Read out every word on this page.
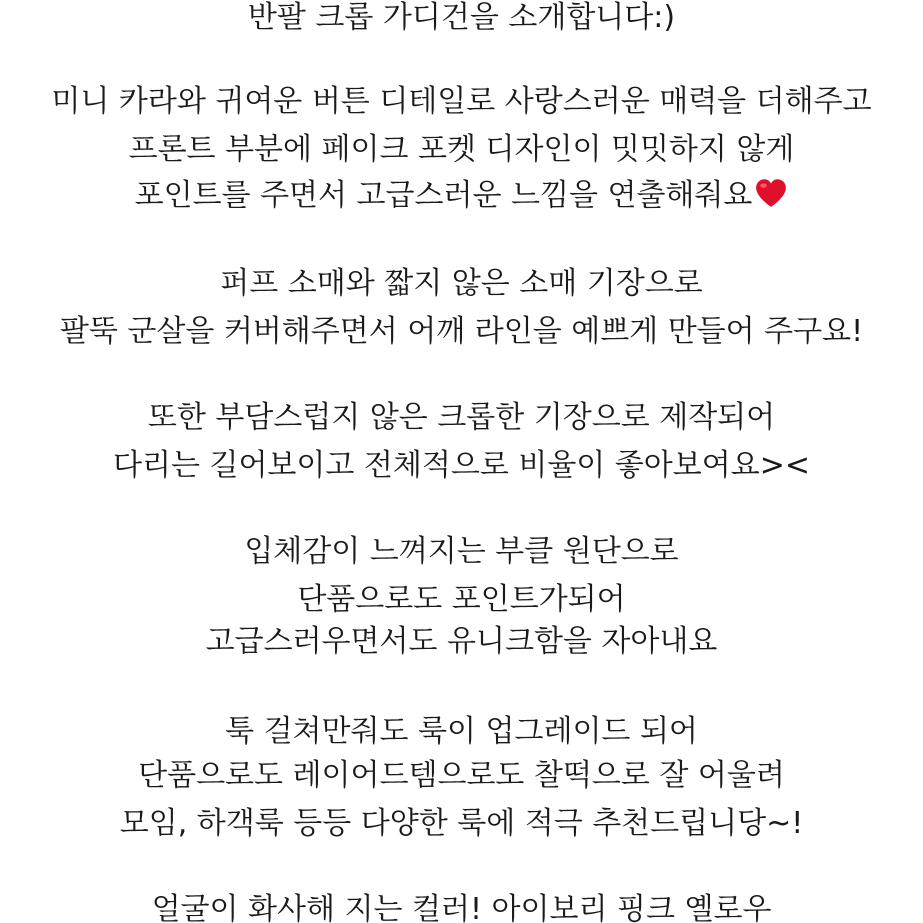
반팔 크롭 가디건을 소개합니다:)
미니 카라와 귀여운 버튼 디테일로 사랑스러운 매력을 더해주고
프론트 부분에 페이크 포켓 디자인이 밋밋하지 않게
포인트를 주면서 고급스러운 느낌을 연출해줘요
퍼프 소매와 짧지 않은 소매 기장으로
팔뚝 군살을 커버해주면서 어깨 라인을 예쁘게 만들어 주구요!
또한 부담스럽지 않은 크롭한 기장으로 제작되어
다리는 길어보이고 전체적으로 비율이 좋아보여요><
입체감이 느껴지는 부클 원단으로
단품으로도 포인트가되어
고급스러우면서도 유니크함을 자아내요
툭 걸쳐만줘도 룩이 업그레이드 되어
단품으로도 레이어드템으로도 찰떡으로 잘 어울려
모임, 하객룩 등등 다양한 룩에 적극 추천드립니당~!
얼굴이 화사해 지는 컬러! 아이보리 핑크 옐로우
